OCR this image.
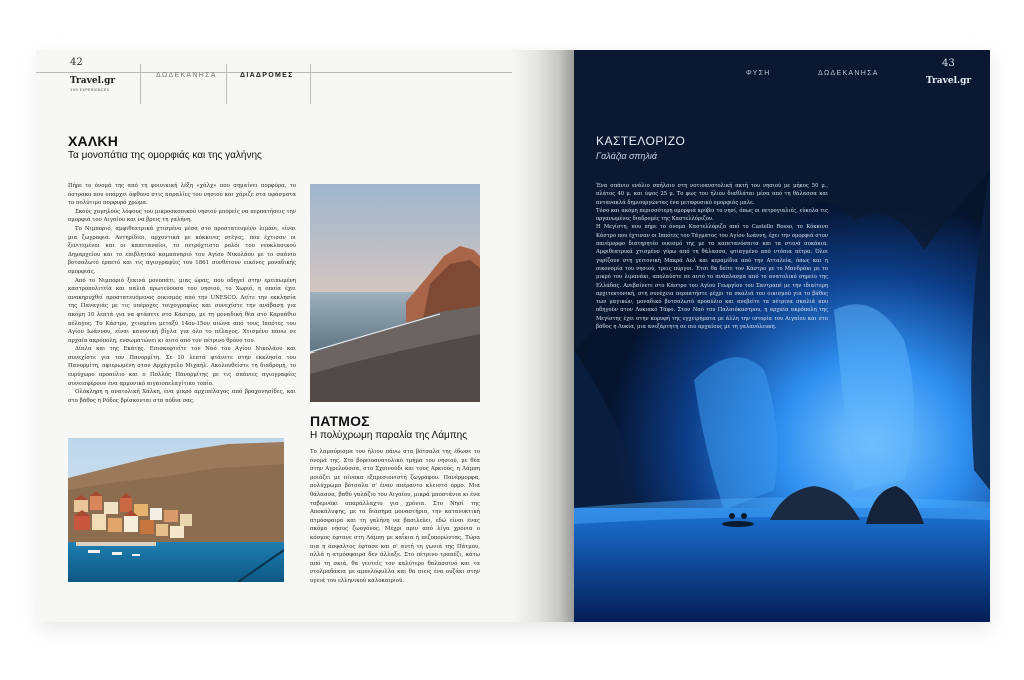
42
Travel.gr
100 EXPERIENCES
ΔΩΔΕΚΑΝΗΣΑ	ΔΙΑΔΡΟΜΕΣ
ΧΑΛΚΗ
Τα μονοπάτια της ομορφιάς και της γαλήνης

Πήρε το όνομά της από τη φοινικική λέξη «χάλχ» που σημαίνει πορφύρα, το όστρακο που υπάρχει άφθονο στις παραλίες του νησιού και χάριζε στα υφάσματα το πολύτιμο πορφυρό χρώμα.

Σκούς χαμηλούς λόφους του μικροσκοπικού νησιού μπορείς να περπατήσεις την ομορφιά του Αιγαίου και να βρεις τη γαλήνη.

Το Νιμποριό, αμφιθεατρικά χτισμένο μέσα στο προστατευμένο λιμάνι, είναι μια ζωγραφιά. Αντηρίδιοι, αρχοντικά με κόκκινες στέγες, που έχτισαν οι ξενιτεμένοι και οι καπεταναίοι, το πετρόχτιστο ρολόι του νεοκλασικού Δημαρχείου και το επιβλητικό καμπαναριό του Αγίου Νικολάου με το σπάνιο βοτσαλωτό έρπετό και τις αγιογραφίες του 1861 συνθέτουν εικόνες μοναδικής ομορφιάς.

Από το Νιμποριό ξεκινά μονοπάτι, μιας ώρας, που οδηγεί στην ερειπωμένη καστροπολιτεία και παλιά πρωτεύουσα του νησιού, το Χωριό, η οποία έχει ανακηρυχθεί προστατευόμενος οικισμός από την UNESCO. Δείτε την εκκλησία της Παναγιάς με τις υπέροχες τοιχογραφίες και συνεχίστε την ανάβαση για ακόμη 10 λεπτά για να φτάσετε στο Κάστρο, με τη μοναδική θέα στο Καρπάθιο πέλαγος. Το Κάστρο, χτισμένο μεταξύ 14ου-15ου αιώνα από τους Ιππότες του Αγίου Ιωάννου, είναι κανονική βίγλα για όλο το πέλαγος. Χτισμένο πάνω σε αρχαία ακρόπολη, ενσωματώνει κι αυτό από τον πέτρινο θρόνο του.

Δίπλα και της Εκάτης. Επισκεφτείτε τον Ναό του Αγίου Νικολάου και συνεχίστε για τον Πανορμίτη. Σε 10 λεπτά φτάνετε στην εκκλησία του Πανορμίτη, αφιερωμένη στον Αρχάγγελο Μιχαήλ. Ακολουθείστε τη διαδρομή, το ευρύχωρο προαύλιο και ο Πολλός Πανορμίτης με τις σπάνιες αγιογραφίες συνεισφέρουν ένα αρμονικό αιγαιοπελαγίτικο τοπίο.

Ολόκληρη η ανατολική Χάλκη, ένα μικρό αρχιπέλαγος από βραχονησίδες, και στο βάθος η Ρόδος βρίσκονται στα πόδια σας.

ΠΑΤΜΟΣ
Η πολύχρωμη παραλία της Λάμπης

Το λαμπύρισμα του ήλιου πάνω στα βότσαλα της έδωσε το όνομά της. Στο βορειοανατολικό τμήμα του νησιού, με θέα στην Αγρελούσσα, στο Σχοινούδι και τους Αρκιούς, η Λάμπη μοιάζει με πίνακα εξπρεσιονιστή ζωγράφου. Πανέρμορφα, πολύχρωμα βότσαλα σ' έναν απέραντο κλειστό όρμο. Μια θάλασσα, βαθύ γαλάζιο του Αιγαίου, μικρά μποστάνια κι ένα ταβερνάκι απαράλλαχτο για χρόνια. Στο Νησί της Αποκάλυψης, με τα διάσημα μοναστήρια, την κατανυκτική ατμόσφαιρα και τη γαλήνη να βασιλεύει, εδώ είναι ένας ακόμα νήσος ζωογόνος. Μέχρι πριν από λίγα χρόνια ο κόσμος έφτανε στη Λάμπη με καΐκια ή πεζοπορώντας. Τώρα πια η άσφαλτος έφτασε και σ' αυτή τη γωνιά της Πάτμου, αλλά η ατμόσφαιρα δεν άλλαξε. Στο πέτρινο τραπέζι, κάτω από τη σκιά, θα γευτείς τον καλύτερο θαλασσινό και τα ντολμαδάκια με αμπελόφυλλα και θα πιεις ένα ουζάκι στην υγειά του ελληνικού καλοκαιριού.

ΦΥΣΗ	ΔΩΔΕΚΑΝΗΣΑ
43
Travel.gr
ΚΑΣΤΕΛΟΡΙΖΟ
Γαλάζια σπηλιά
Ένα σπάνιο ενάλιο σπήλαιο στη νοτιοανατολική ακτή του νησιού με μήκος 50 μ., πλάτος 40 μ. και ύψος 25 μ. Το φως του ήλιου διαθλάται μέσα από τη θάλασσα και αντανακλά δημιουργώντας ένα μεταφυσικό ομορφιάς μπλε.
Τόσο και ακόμη περισσότερη ομορφιά κρύβει το νησί, όπως οι πετρογιαλιές, εύκολα τις οργανωμένες διαδρομές της Καστελλόριζου.
Η Μεγίστη, που πήρε το όνομα Καστελλόριζο από το Castello Rosso, το Κόκκινο Κάστρο που έχτισαν οι Ιππότες του Τάγματος του Αγίου Ιωάννη, έχει την ομορφιά στον πανέμορφο διατηρητέο οικισμό της με τα καπετανόσπιτα και τα στενά σοκάκια. Αμφιθεατρικά χτισμένο γύρω από τη θάλασσα, φτιαγμένο από ντόπια πέτρα. Όλοι γυρίζουν στη γειτονική Μακρά Αολ και κεραμίδια από την Ατταλεία, όπως και η οικονομία του νησιού, τρεις πύργοι. Έτσι θα δείτε τον Κάστρο με το Μανδράκι με το μικρό του λιμανάκι, απολαύστε σε αυτό το ανάπλασμα από το ανατολικό σημείο της Ελλάδας. Ανεβαίνετε στο Κάστρο του Αγίου Γεωργίου του Σαντραπέ με την ιδιαίτερη αρχιτεκτονική, στη συνέχεια περπατήστε μέχρι τα σκαλιά του οικισμού για το βάθος των μαγικών, μοναδικό βοτσαλωτό προαύλιο και ανεβείτε τα πέτρινα σκαλιά που οδηγούν στον Λυκιακό Τάφο. Στον Ναό του Παλαιόκαστρου, η αρχαία ακρόπολη της Μεγίστης έχει στην κορυφή της εγχειρήματα με άλλη την ιστορία του Αιγαίου και στο βάθος η Λυκία, μια ανεξάρτητη σε πιο αρχαίους με τη γαλανόλευκη.
